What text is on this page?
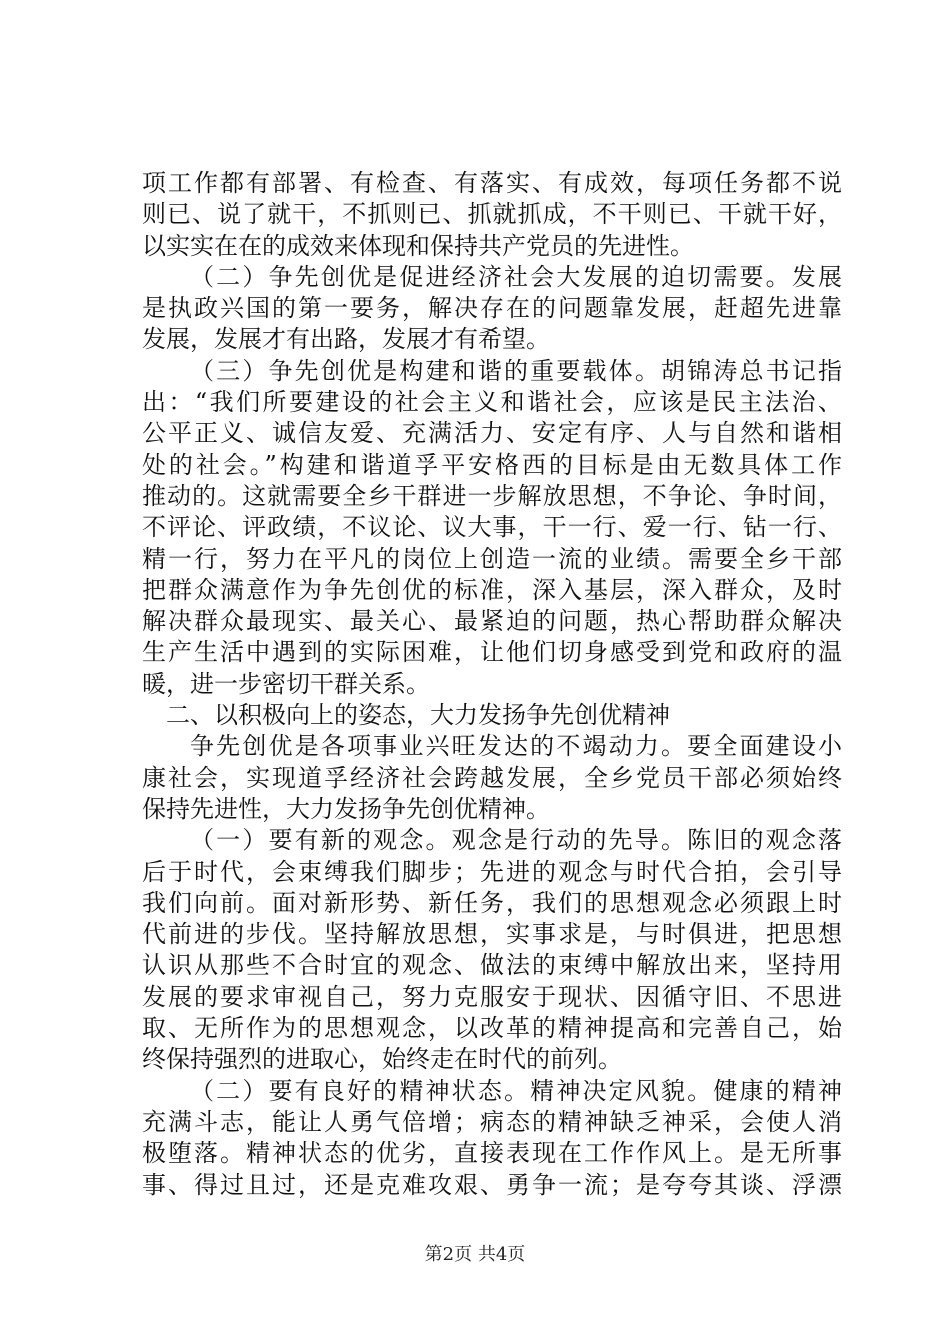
项工作都有部署、有检查、有落实、有成效，每项任务都不说
则已、说了就干，不抓则已、抓就抓成，不干则已、干就干好，
以实实在在的成效来体现和保持共产党员的先进性。
（二）争先创优是促进经济社会大发展的迫切需要。发展
是执政兴国的第一要务，解决存在的问题靠发展，赶超先进靠
发展，发展才有出路，发展才有希望。
（三）争先创优是构建和谐的重要载体。胡锦涛总书记指
出：“我们所要建设的社会主义和谐社会，应该是民主法治、
公平正义、诚信友爱、充满活力、安定有序、人与自然和谐相
处的社会。”构建和谐道孚平安格西的目标是由无数具体工作
推动的。这就需要全乡干群进一步解放思想，不争论、争时间，
不评论、评政绩，不议论、议大事，干一行、爱一行、钻一行、
精一行，努力在平凡的岗位上创造一流的业绩。需要全乡干部
把群众满意作为争先创优的标准，深入基层，深入群众，及时
解决群众最现实、最关心、最紧迫的问题，热心帮助群众解决
生产生活中遇到的实际困难，让他们切身感受到党和政府的温
暖，进一步密切干群关系。
二、以积极向上的姿态，大力发扬争先创优精神
争先创优是各项事业兴旺发达的不竭动力。要全面建设小
康社会，实现道孚经济社会跨越发展，全乡党员干部必须始终
保持先进性，大力发扬争先创优精神。
（一）要有新的观念。观念是行动的先导。陈旧的观念落
后于时代，会束缚我们脚步；先进的观念与时代合拍，会引导
我们向前。面对新形势、新任务，我们的思想观念必须跟上时
代前进的步伐。坚持解放思想，实事求是，与时俱进，把思想
认识从那些不合时宜的观念、做法的束缚中解放出来，坚持用
发展的要求审视自己，努力克服安于现状、因循守旧、不思进
取、无所作为的思想观念，以改革的精神提高和完善自己，始
终保持强烈的进取心，始终走在时代的前列。
（二）要有良好的精神状态。精神决定风貌。健康的精神
充满斗志，能让人勇气倍增；病态的精神缺乏神采，会使人消
极堕落。精神状态的优劣，直接表现在工作作风上。是无所事
事、得过且过，还是克难攻艰、勇争一流；是夸夸其谈、浮漂
第2页 共4页
